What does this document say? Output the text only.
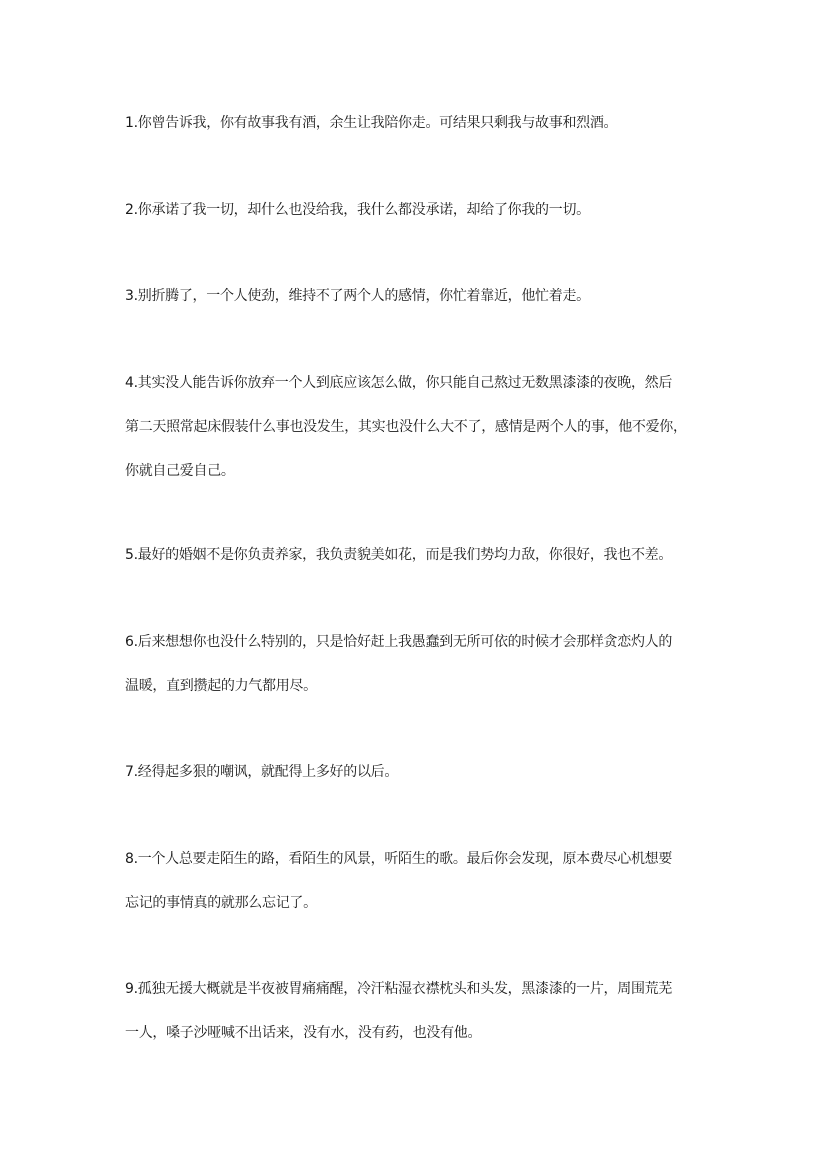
1.你曾告诉我，你有故事我有酒，余生让我陪你走。可结果只剩我与故事和烈酒。
2.你承诺了我一切，却什么也没给我，我什么都没承诺，却给了你我的一切。
3.别折腾了，一个人使劲，维持不了两个人的感情，你忙着靠近，他忙着走。
4.其实没人能告诉你放弃一个人到底应该怎么做，你只能自己熬过无数黑漆漆的夜晚，然后
第二天照常起床假装什么事也没发生，其实也没什么大不了，感情是两个人的事，他不爱你，
你就自己爱自己。
5.最好的婚姻不是你负责养家，我负责貌美如花，而是我们势均力敌，你很好，我也不差。
6.后来想想你也没什么特别的，只是恰好赶上我愚蠢到无所可依的时候才会那样贪恋灼人的
温暖，直到攒起的力气都用尽。
7.经得起多狠的嘲讽，就配得上多好的以后。
8.一个人总要走陌生的路，看陌生的风景，听陌生的歌。最后你会发现，原本费尽心机想要
忘记的事情真的就那么忘记了。
9.孤独无援大概就是半夜被胃痛痛醒，冷汗粘湿衣襟枕头和头发，黑漆漆的一片，周围荒芜
一人，嗓子沙哑喊不出话来，没有水，没有药，也没有他。
